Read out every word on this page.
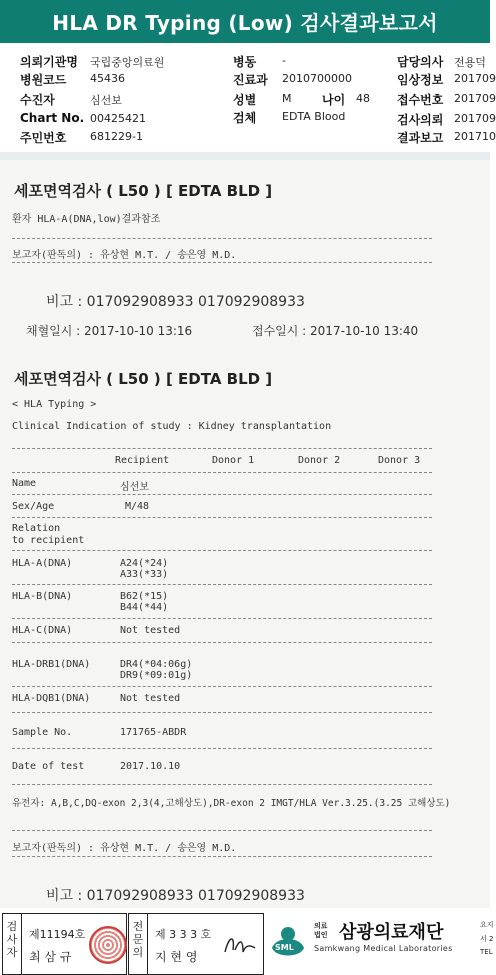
HLA DR Typing (Low) 검사결과보고서
의뢰기관명 국립중앙의료원
병원코드 45436
수진자	심선보
Chart No. 00425421
주민번호 681229-1
병동 -
진료과 2010700000
성별 M	나이 48
검체 EDTA Blood
담당의사 전용덕
임상정보 201709
접수번호 201709
검사의뢰 201709
결과보고 201710
세포면역검사 ( L50 ) [ EDTA BLD ]
환자 HLA-A(DNA,low)결과참조
보고자(판독의) : 유상현 M.T. / 송은영 M.D.
비고 : 017092908933 017092908933
채혈일시 : 2017-10-10 13:16	접수일시 : 2017-10-10 13:40
세포면역검사 ( L50 ) [ EDTA BLD ]
< HLA Typing >
Clinical Indication of study : Kidney transplantation
Recipient	Donor 1	Donor 2	Donor 3
Name	심선보
Sex/Age	M/48
Relation
to recipient
HLA-A(DNA)	A24(*24)
A33(*33)
HLA-B(DNA)	B62(*15)
B44(*44)
HLA-C(DNA)	Not tested
HLA-DRB1(DNA)	DR4(*04:06g)
DR9(*09:01g)
HLA-DQB1(DNA)	Not tested
Sample No.	171765-ABDR
Date of test	2017.10.10
유전자: A,B,C,DQ-exon 2,3(4,고해상도),DR-exon 2 IMGT/HLA Ver.3.25.(3.25 고해상도)
보고자(판독의) : 유상현 M.T. / 송은영 M.D.
비고 : 017092908933 017092908933
검사자
제11194호
최 삼 규
전문의
제 3 3 3 호
지 현 영
SML
의료
법인 삼광의료재단
Samkwang Medical Laboratories
요지
서 2
TEL
